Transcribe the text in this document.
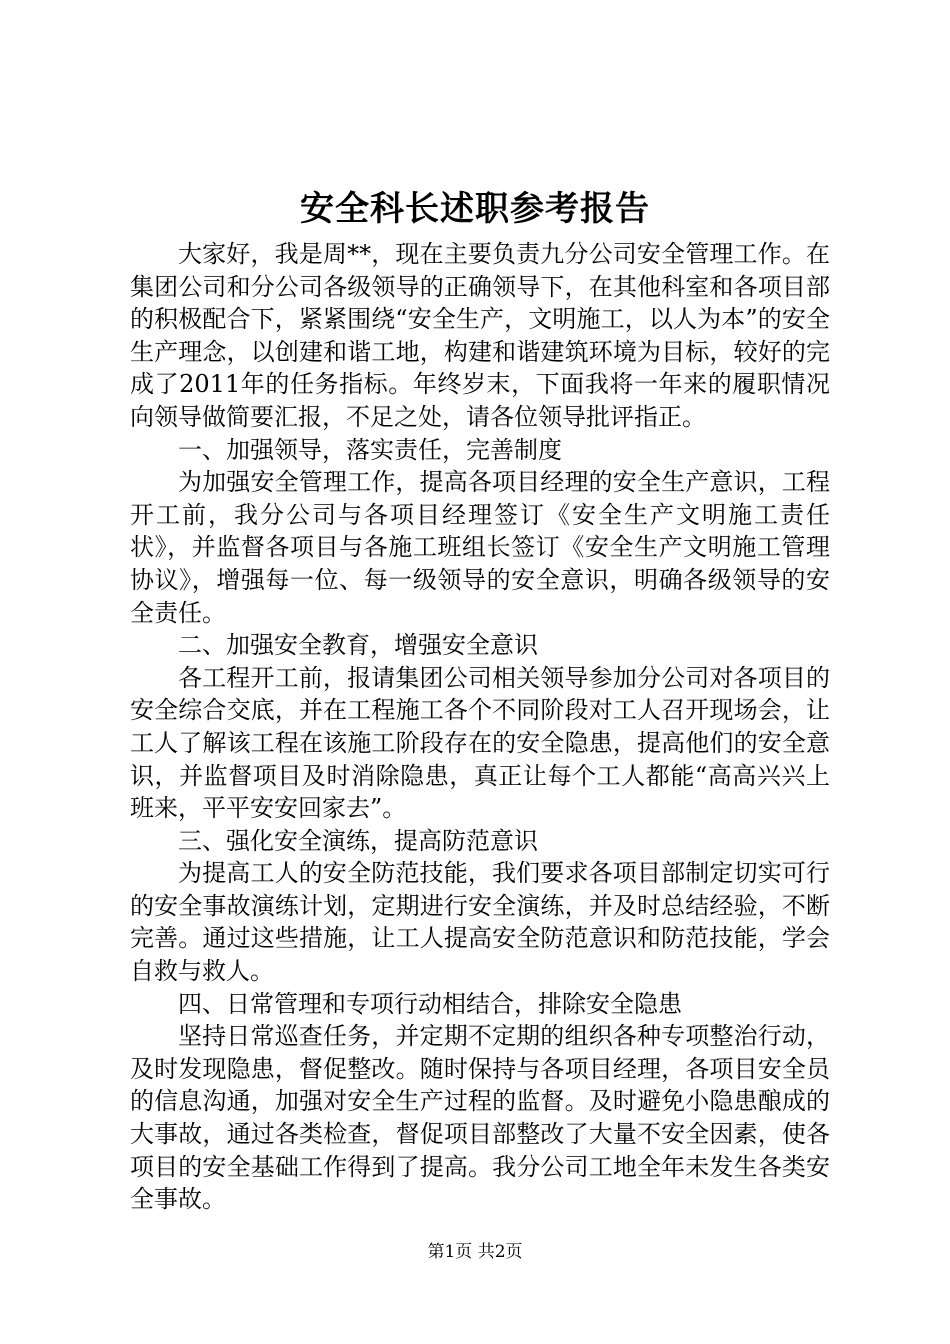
安全科长述职参考报告

大家好，我是周**，现在主要负责九分公司安全管理工作。在集团公司和分公司各级领导的正确领导下，在其他科室和各项目部的积极配合下，紧紧围绕“安全生产，文明施工，以人为本”的安全生产理念，以创建和谐工地，构建和谐建筑环境为目标，较好的完成了2011年的任务指标。年终岁末，下面我将一年来的履职情况向领导做简要汇报，不足之处，请各位领导批评指正。

一、加强领导，落实责任，完善制度

为加强安全管理工作，提高各项目经理的安全生产意识，工程开工前，我分公司与各项目经理签订《安全生产文明施工责任状》，并监督各项目与各施工班组长签订《安全生产文明施工管理协议》，增强每一位、每一级领导的安全意识，明确各级领导的安全责任。

二、加强安全教育，增强安全意识

各工程开工前，报请集团公司相关领导参加分公司对各项目的安全综合交底，并在工程施工各个不同阶段对工人召开现场会，让工人了解该工程在该施工阶段存在的安全隐患，提高他们的安全意识，并监督项目及时消除隐患，真正让每个工人都能“高高兴兴上班来，平平安安回家去”。

三、强化安全演练，提高防范意识

为提高工人的安全防范技能，我们要求各项目部制定切实可行的安全事故演练计划，定期进行安全演练，并及时总结经验，不断完善。通过这些措施，让工人提高安全防范意识和防范技能，学会自救与救人。

四、日常管理和专项行动相结合，排除安全隐患

坚持日常巡查任务，并定期不定期的组织各种专项整治行动，及时发现隐患，督促整改。随时保持与各项目经理，各项目安全员的信息沟通，加强对安全生产过程的监督。及时避免小隐患酿成的大事故，通过各类检查，督促项目部整改了大量不安全因素，使各项目的安全基础工作得到了提高。我分公司工地全年未发生各类安全事故。

第1页 共2页
